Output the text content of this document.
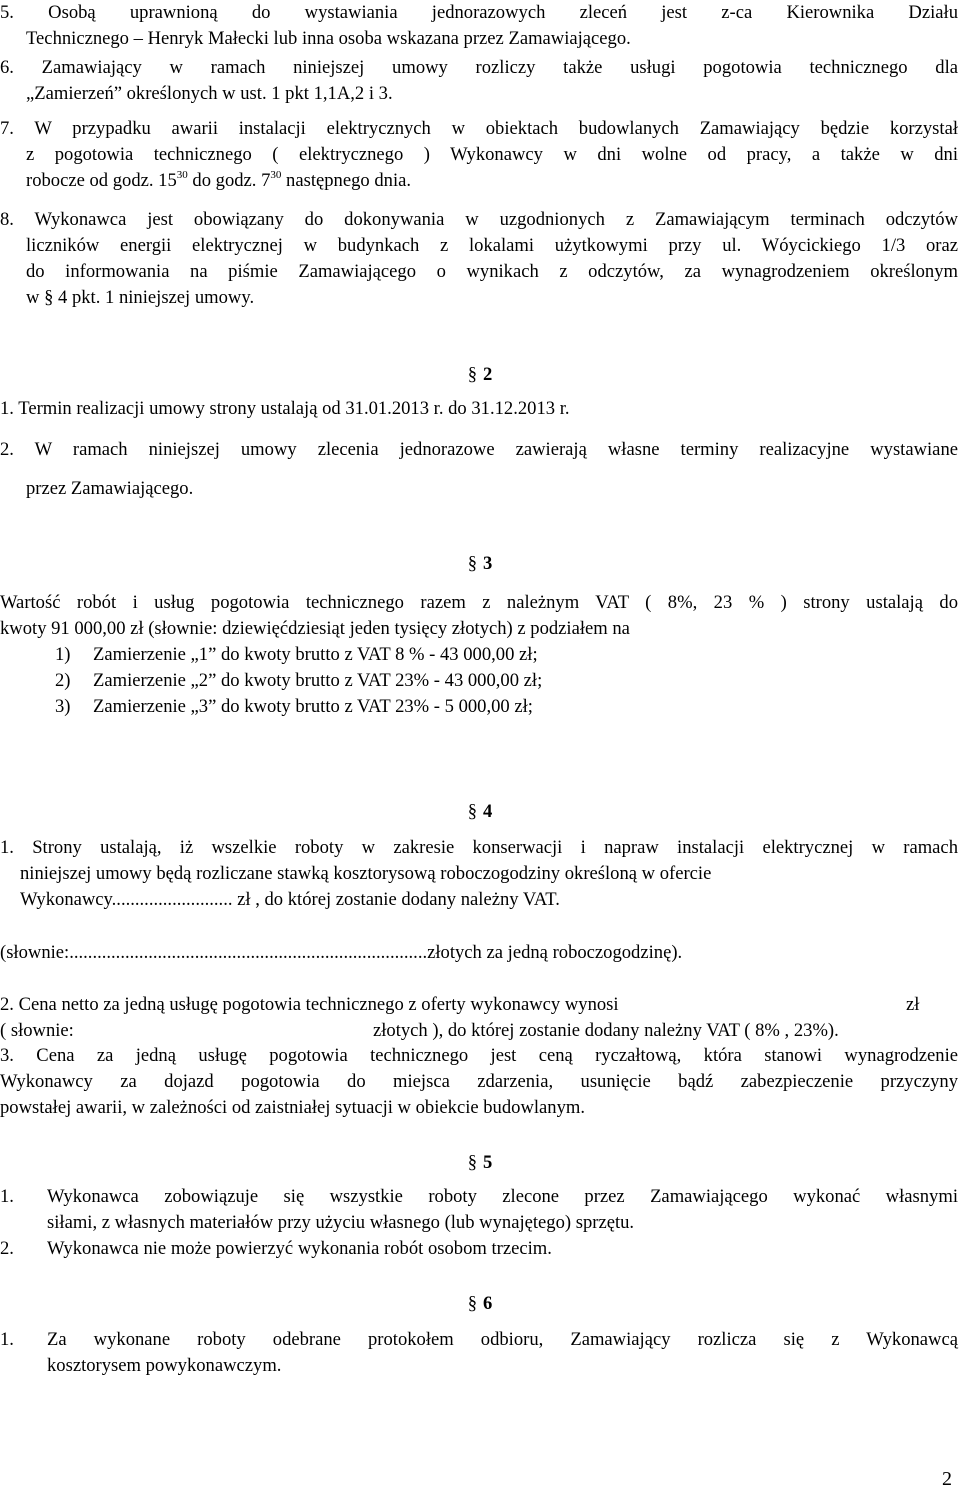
5. Osobą uprawnioną do wystawiania jednorazowych zleceń jest z-ca Kierownika Działu
Technicznego – Henryk Małecki lub inna osoba wskazana przez Zamawiającego.
6. Zamawiający w ramach niniejszej umowy rozliczy także usługi pogotowia technicznego dla
„Zamierzeń” określonych w ust. 1 pkt 1,1A,2 i 3.
7. W przypadku awarii instalacji elektrycznych w obiektach budowlanych Zamawiający będzie korzystał
z pogotowia technicznego ( elektrycznego ) Wykonawcy w dni wolne od pracy, a także w dni
robocze od godz. $15^{30}$ do godz. $7^{30}$ następnego dnia.
8. Wykonawca jest obowiązany do dokonywania w uzgodnionych z Zamawiającym terminach odczytów
liczników energii elektrycznej w budynkach z lokalami użytkowymi przy ul. Wóycickiego 1/3 oraz
do informowania na piśmie Zamawiającego o wynikach z odczytów, za wynagrodzeniem określonym
w § 4 pkt. 1 niniejszej umowy.
§ 2
1. Termin realizacji umowy strony ustalają od 31.01.2013 r. do 31.12.2013 r.
2. W ramach niniejszej umowy zlecenia jednorazowe zawierają własne terminy realizacyjne wystawiane
przez Zamawiającego.
§ 3
Wartość robót i usług pogotowia technicznego razem z należnym VAT ( 8%, 23 % ) strony ustalają do
kwoty 91 000,00 zł (słownie: dziewięćdziesiąt jeden tysięcy złotych) z podziałem na
1) Zamierzenie „1” do kwoty brutto z VAT 8 % - 43 000,00 zł;
2) Zamierzenie „2” do kwoty brutto z VAT 23% - 43 000,00 zł;
3) Zamierzenie „3” do kwoty brutto z VAT 23% - 5 000,00 zł;
§ 4
1. Strony ustalają, iż wszelkie roboty w zakresie konserwacji i napraw instalacji elektrycznej w ramach
niniejszej umowy będą rozliczane stawką kosztorysową roboczogodziny określoną w ofercie
Wykonawcy.......................... zł , do której zostanie dodany należny VAT.
(słownie:.............................................................................złotych za jedną roboczogodzinę).
2. Cena netto za jedną usługę pogotowia technicznego z oferty wykonawcy wynosi	zł
( słownie:	złotych ), do której zostanie dodany należny VAT ( 8% , 23%).
3. Cena za jedną usługę pogotowia technicznego jest ceną ryczałtową, która stanowi wynagrodzenie
Wykonawcy za dojazd pogotowia do miejsca zdarzenia, usunięcie bądź zabezpieczenie przyczyny
powstałej awarii, w zależności od zaistniałej sytuacji w obiekcie budowlanym.
§ 5
1. Wykonawca zobowiązuje się wszystkie roboty zlecone przez Zamawiającego wykonać własnymi
siłami, z własnych materiałów przy użyciu własnego (lub wynajętego) sprzętu.
2. Wykonawca nie może powierzyć wykonania robót osobom trzecim.
§ 6
1. Za wykonane roboty odebrane protokołem odbioru, Zamawiający rozlicza się z Wykonawcą
kosztorysem powykonawczym.
2
